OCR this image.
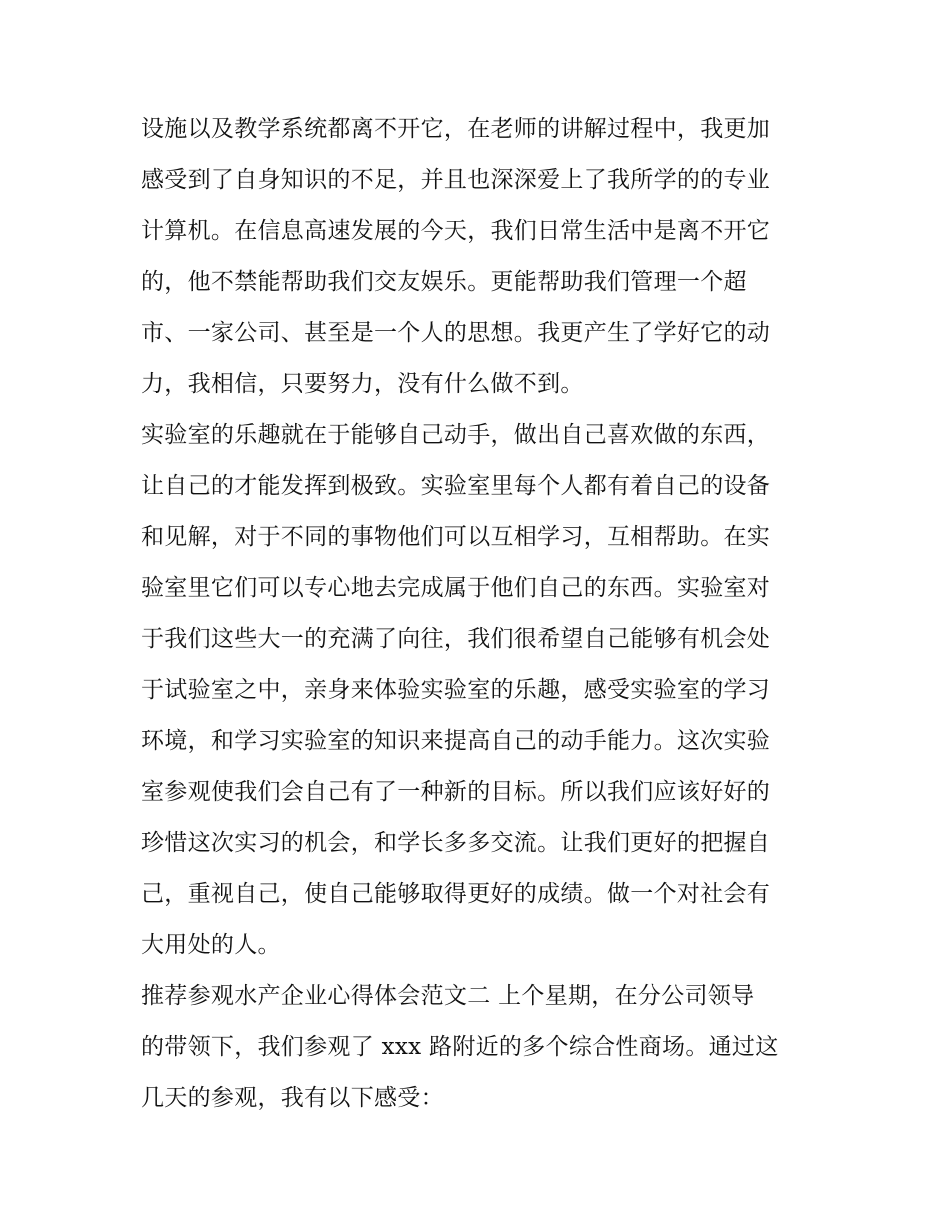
设施以及教学系统都离不开它，在老师的讲解过程中，我更加
感受到了自身知识的不足，并且也深深爱上了我所学的的专业
计算机。在信息高速发展的今天，我们日常生活中是离不开它
的，他不禁能帮助我们交友娱乐。更能帮助我们管理一个超
市、一家公司、甚至是一个人的思想。我更产生了学好它的动
力，我相信，只要努力，没有什么做不到。
实验室的乐趣就在于能够自己动手，做出自己喜欢做的东西，
让自己的才能发挥到极致。实验室里每个人都有着自己的设备
和见解，对于不同的事物他们可以互相学习，互相帮助。在实
验室里它们可以专心地去完成属于他们自己的东西。实验室对
于我们这些大一的充满了向往，我们很希望自己能够有机会处
于试验室之中，亲身来体验实验室的乐趣，感受实验室的学习
环境，和学习实验室的知识来提高自己的动手能力。这次实验
室参观使我们会自己有了一种新的目标。所以我们应该好好的
珍惜这次实习的机会，和学长多多交流。让我们更好的把握自
己，重视自己，使自己能够取得更好的成绩。做一个对社会有
大用处的人。
推荐参观水产企业心得体会范文二 上个星期，在分公司领导
的带领下，我们参观了 xxx 路附近的多个综合性商场。通过这
几天的参观，我有以下感受：
